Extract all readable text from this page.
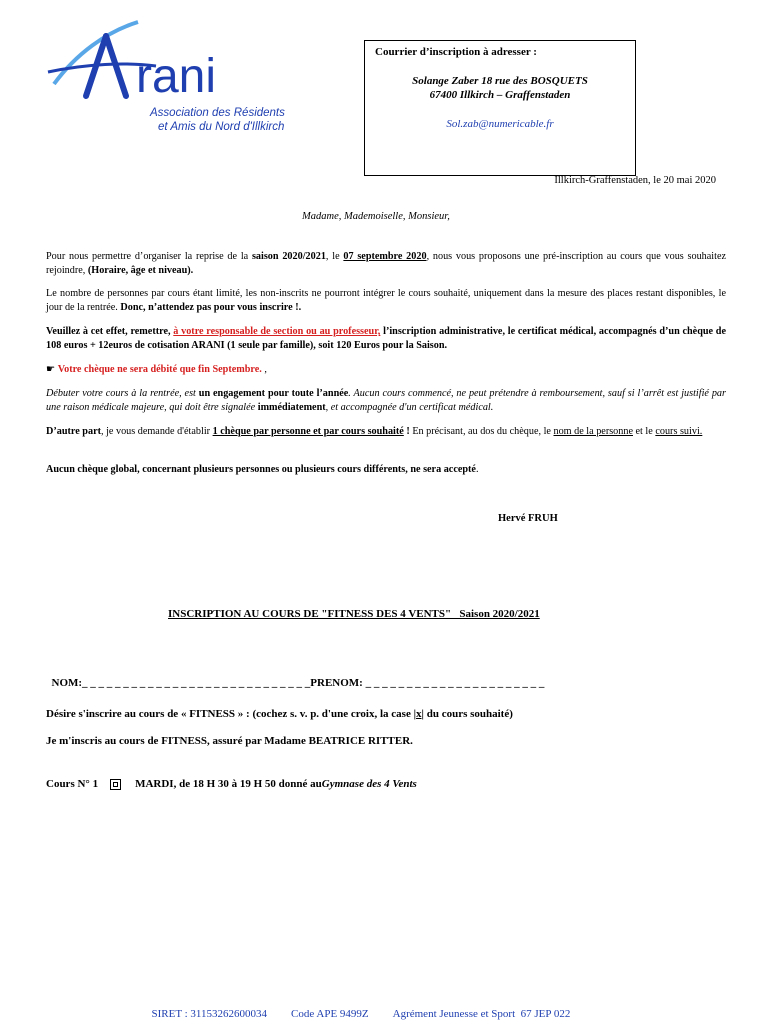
rani
Association des Résidents
et Amis du Nord d'Illkirch
Courrier d’inscription à adresser :
Solange Zaber 18 rue des BOSQUETS
67400 Illkirch – Graffenstaden
Sol.zab@numericable.fr
Illkirch-Graffenstaden, le 20 mai 2020
Madame, Mademoiselle, Monsieur,
Pour nous permettre d’organiser la reprise de la saison 2020/2021, le 07 septembre 2020, nous vous proposons une pré-inscription au cours que vous souhaitez rejoindre, (Horaire, âge et niveau).
Le nombre de personnes par cours étant limité, les non-inscrits ne pourront intégrer le cours souhaité, uniquement dans la mesure des places restant disponibles, le jour de la rentrée. Donc, n’attendez pas pour vous inscrire !.
Veuillez à cet effet, remettre, à votre responsable de section ou au professeur, l’inscription administrative, le certificat médical, accompagnés d’un chèque de 108 euros + 12euros de cotisation ARANI (1 seule par famille), soit 120 Euros pour la Saison.
☛ Votre chèque ne sera débité que fin Septembre. ,
Débuter votre cours à la rentrée, est un engagement pour toute l’année. Aucun cours commencé, ne peut prétendre à remboursement, sauf si l’arrêt est justifié par une raison médicale majeure, qui doit être signalée immédiatement, et accompagnée d'un certificat médical.
D’autre part, je vous demande d'établir 1 chèque par personne et par cours souhaité ! En précisant, au dos du chèque, le nom de la personne et le cours suivi.
Aucun chèque global, concernant plusieurs personnes ou plusieurs cours différents, ne sera accepté.
Hervé FRUH
INSCRIPTION AU COURS DE "FITNESS DES 4 VENTS"   Saison 2020/2021

NOM:_ _ _ _ _ _ _ _ _ _ _ _ _ _ _ _ _ _ _ _ _ _ _ _ _ _ _ _PRENOM: _ _ _ _ _ _ _ _ _ _ _ _ _ _ _ _ _ _ _ _ _ _

Désire s'inscrire au cours de « FITNESS » : (cochez s. v. p. d'une croix, la case |x| du cours souhaité)
Je m'inscris au cours de FITNESS, assuré par Madame BEATRICE RITTER.
Cours N° 1	MARDI, de 18 H 30 à 19 H 50 donné au Gymnase des 4 Vents

SIRET : 31153262600034 Code APE 9499Z Agrément Jeunesse et Sport  67 JEP 022
